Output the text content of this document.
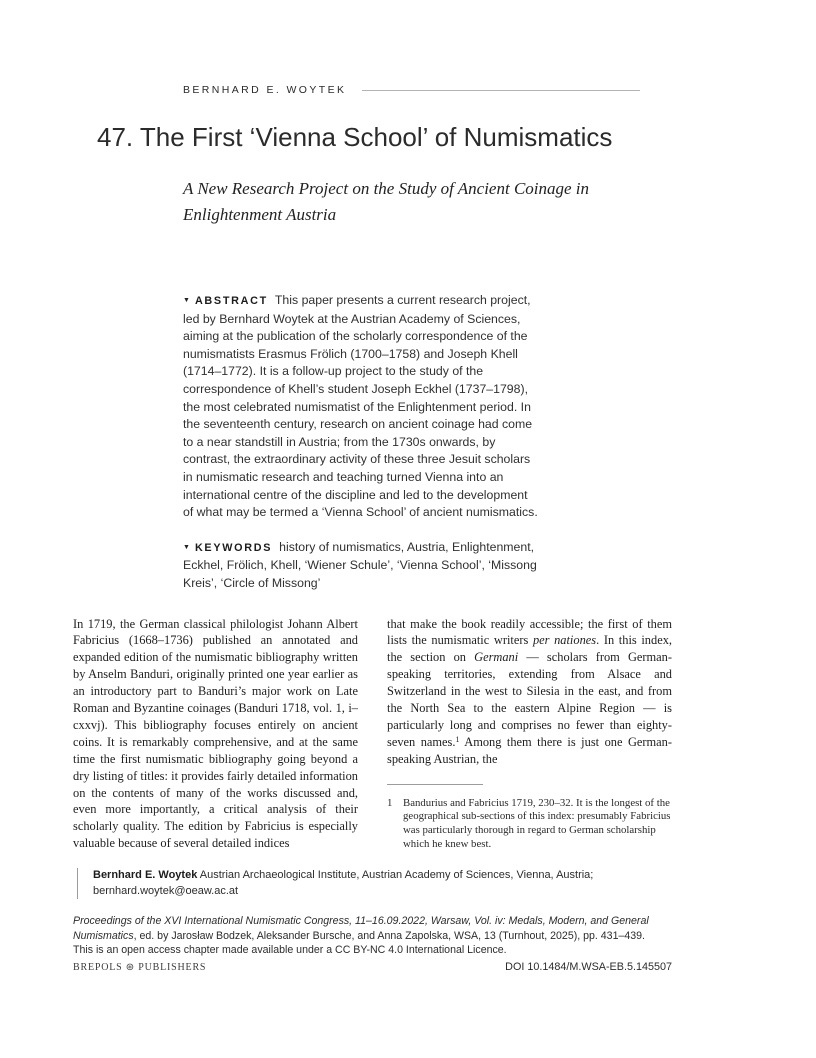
BERNHARD E. WOYTEK
47. The First ‘Vienna School’ of Numismatics
A New Research Project on the Study of Ancient Coinage in Enlightenment Austria

▼ ABSTRACT This paper presents a current research project, led by Bernhard Woytek at the Austrian Academy of Sciences, aiming at the publication of the scholarly correspondence of the numismatists Erasmus Frölich (1700–1758) and Joseph Khell (1714–1772). It is a follow-up project to the study of the correspondence of Khell’s student Joseph Eckhel (1737–1798), the most celebrated numismatist of the Enlightenment period. In the seventeenth century, research on ancient coinage had come to a near standstill in Austria; from the 1730s onwards, by contrast, the extraordinary activity of these three Jesuit scholars in numismatic research and teaching turned Vienna into an international centre of the discipline and led to the development of what may be termed a ‘Vienna School’ of ancient numismatics.

▼ KEYWORDS history of numismatics, Austria, Enlightenment, Eckhel, Frölich, Khell, ‘Wiener Schule’, ‘Vienna School’, ‘Missong Kreis’, ‘Circle of Missong’

In 1719, the German classical philologist Johann Albert Fabricius (1668–1736) published an annotated and expanded edition of the numismatic bibliography written by Anselm Banduri, originally printed one year earlier as an introductory part to Banduri’s major work on Late Roman and Byzantine coinages (Banduri 1718, vol. 1, i–cxxvj). This bibliography focuses entirely on ancient coins. It is remarkably comprehensive, and at the same time the first numismatic bibliography going beyond a dry listing of titles: it provides fairly detailed information on the contents of many of the works discussed and, even more importantly, a critical analysis of their scholarly quality. The edition by Fabricius is especially valuable because of several detailed indices

that make the book readily accessible; the first of them lists the numismatic writers per nationes. In this index, the section on Germani — scholars from German-speaking territories, extending from Alsace and Switzerland in the west to Silesia in the east, and from the North Sea to the eastern Alpine Region — is particularly long and comprises no fewer than eighty-seven names.$^1$ Among them there is just one German-speaking Austrian, the

1 Bandurius and Fabricius 1719, 230–32. It is the longest of the geographical sub-sections of this index: presumably Fabricius was particularly thorough in regard to German scholarship which he knew best.
Bernhard E. Woytek Austrian Archaeological Institute, Austrian Academy of Sciences, Vienna, Austria; bernhard.woytek@oeaw.ac.at

Proceedings of the XVI International Numismatic Congress, 11–16.09.2022, Warsaw, Vol. iv: Medals, Modern, and General Numismatics, ed. by Jarosław Bodzek, Aleksander Bursche, and Anna Zapolska, WSA, 13 (Turnhout, 2025), pp. 431–439.

This is an open access chapter made available under a CC BY-NC 4.0 International Licence.

BREPOLS ⊛ PUBLISHERS	DOI 10.1484/M.WSA-EB.5.145507
